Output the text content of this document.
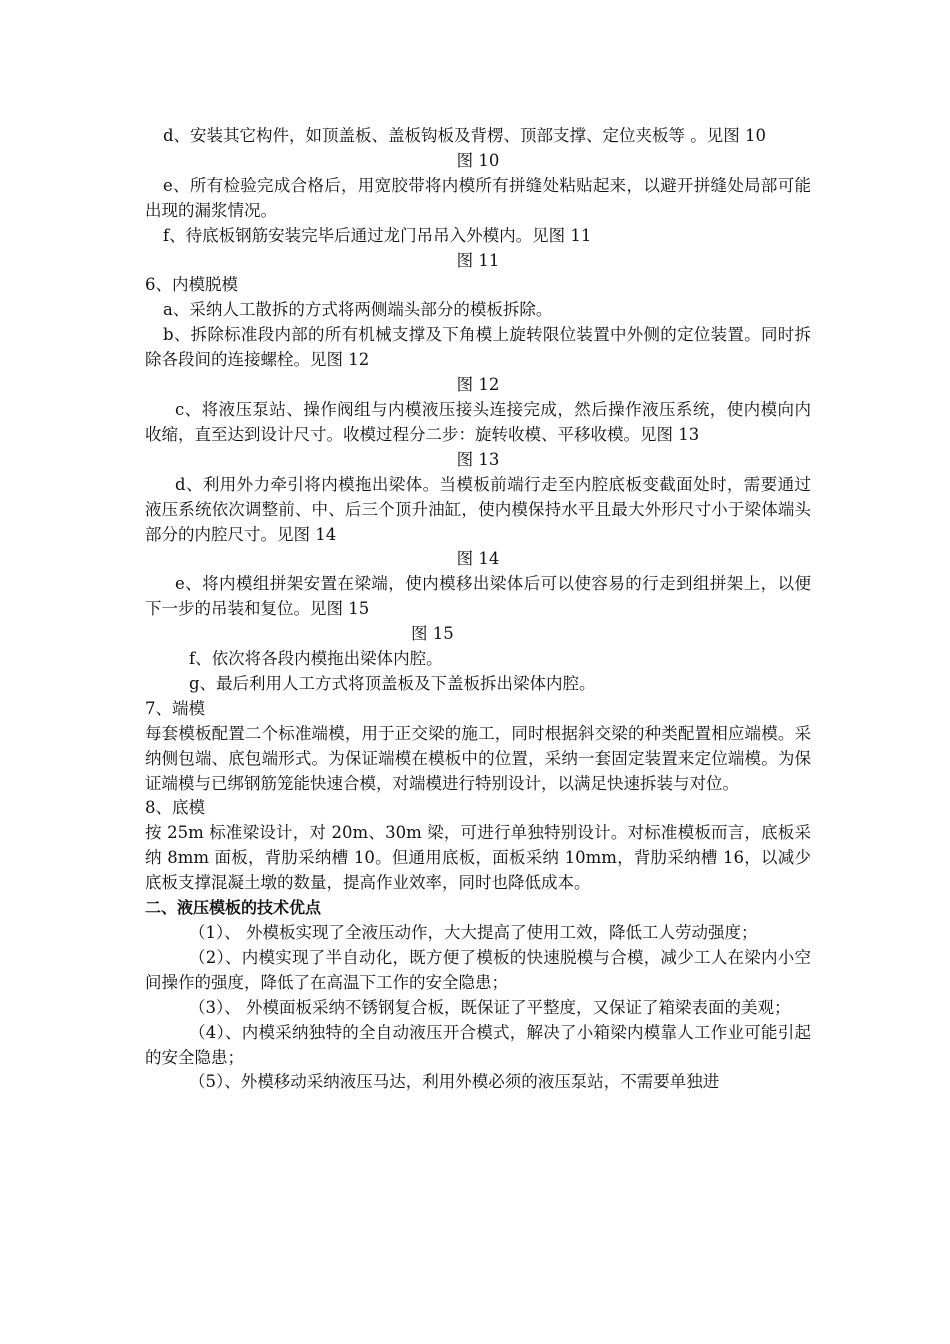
d、安装其它构件，如顶盖板、盖板钩板及背楞、顶部支撑、定位夹板等 。见图 10

图 10

e、所有检验完成合格后，用宽胶带将内模所有拼缝处粘贴起来，以避开拼缝处局部可能出现的漏浆情况。

f、待底板钢筋安装完毕后通过龙门吊吊入外模内。见图 11

图 11

6、内模脱模

a、采纳人工散拆的方式将两侧端头部分的模板拆除。

b、拆除标准段内部的所有机械支撑及下角模上旋转限位装置中外侧的定位装置。同时拆除各段间的连接螺栓。见图 12

图 12

c、将液压泵站、操作阀组与内模液压接头连接完成，然后操作液压系统，使内模向内收缩，直至达到设计尺寸。收模过程分二步：旋转收模、平移收模。见图 13

图 13

d、利用外力牵引将内模拖出梁体。当模板前端行走至内腔底板变截面处时，需要通过液压系统依次调整前、中、后三个顶升油缸，使内模保持水平且最大外形尺寸小于梁体端头部分的内腔尺寸。见图 14

图 14

e、将内模组拼架安置在梁端，使内模移出梁体后可以使容易的行走到组拼架上，以便下一步的吊装和复位。见图 15

图 15

f、依次将各段内模拖出梁体内腔。

g、最后利用人工方式将顶盖板及下盖板拆出梁体内腔。

7、端模

每套模板配置二个标准端模，用于正交梁的施工，同时根据斜交梁的种类配置相应端模。采纳侧包端、底包端形式。为保证端模在模板中的位置，采纳一套固定装置来定位端模。为保证端模与已绑钢筋笼能快速合模，对端模进行特别设计，以满足快速拆装与对位。

8、底模

按 25m 标准梁设计，对 20m、30m 梁，可进行单独特别设计。对标准模板而言，底板采纳 8mm 面板，背肋采纳槽 10。但通用底板，面板采纳 10mm，背肋采纳槽 16，以减少底板支撑混凝土墩的数量，提高作业效率，同时也降低成本。

二、液压模板的技术优点

（1）、 外模板实现了全液压动作，大大提高了使用工效，降低工人劳动强度；

（2）、内模实现了半自动化，既方便了模板的快速脱模与合模，减少工人在梁内小空间操作的强度，降低了在高温下工作的安全隐患；

（3）、 外模面板采纳不锈钢复合板，既保证了平整度，又保证了箱梁表面的美观；

（4）、内模采纳独特的全自动液压开合模式，解决了小箱梁内模靠人工作业可能引起的安全隐患；

（5）、外模移动采纳液压马达，利用外模必须的液压泵站，不需要单独进
